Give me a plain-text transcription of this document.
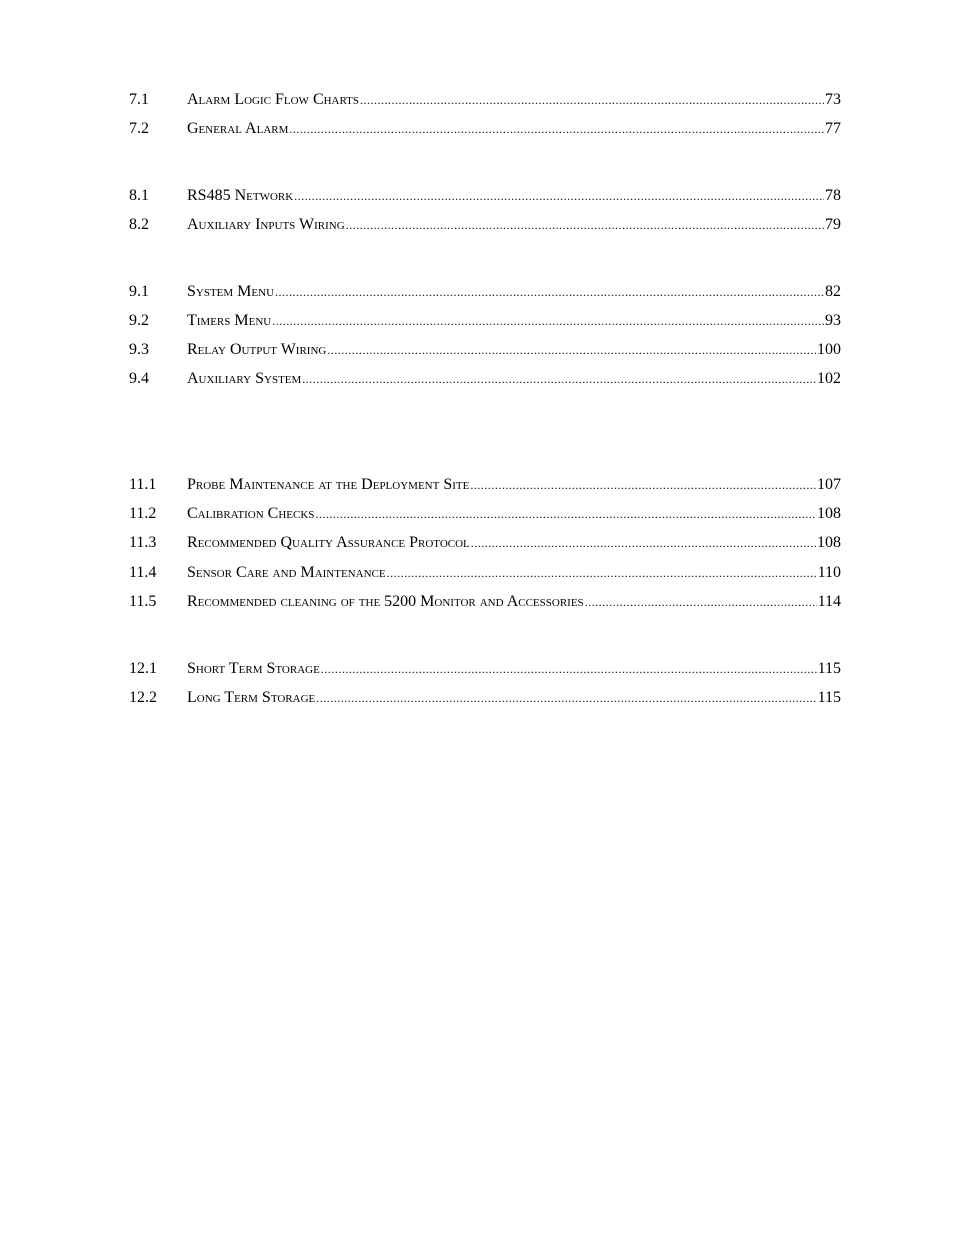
7.1	Alarm Logic Flow Charts .....	73
7.2	General Alarm .....	77
8.1	RS485 Network .....	78
8.2	Auxiliary Inputs Wiring .....	79
9.1	System Menu .....	82
9.2	Timers Menu .....	93
9.3	Relay Output Wiring .....	100
9.4	Auxiliary System .....	102
11.1	Probe Maintenance at the Deployment Site .....	107
11.2	Calibration Checks .....	108
11.3	Recommended Quality Assurance Protocol .....	108
11.4	Sensor Care and Maintenance .....	110
11.5	Recommended cleaning of the 5200 Monitor and Accessories .....	114
12.1	Short Term Storage .....	115
12.2	Long Term Storage .....	115
